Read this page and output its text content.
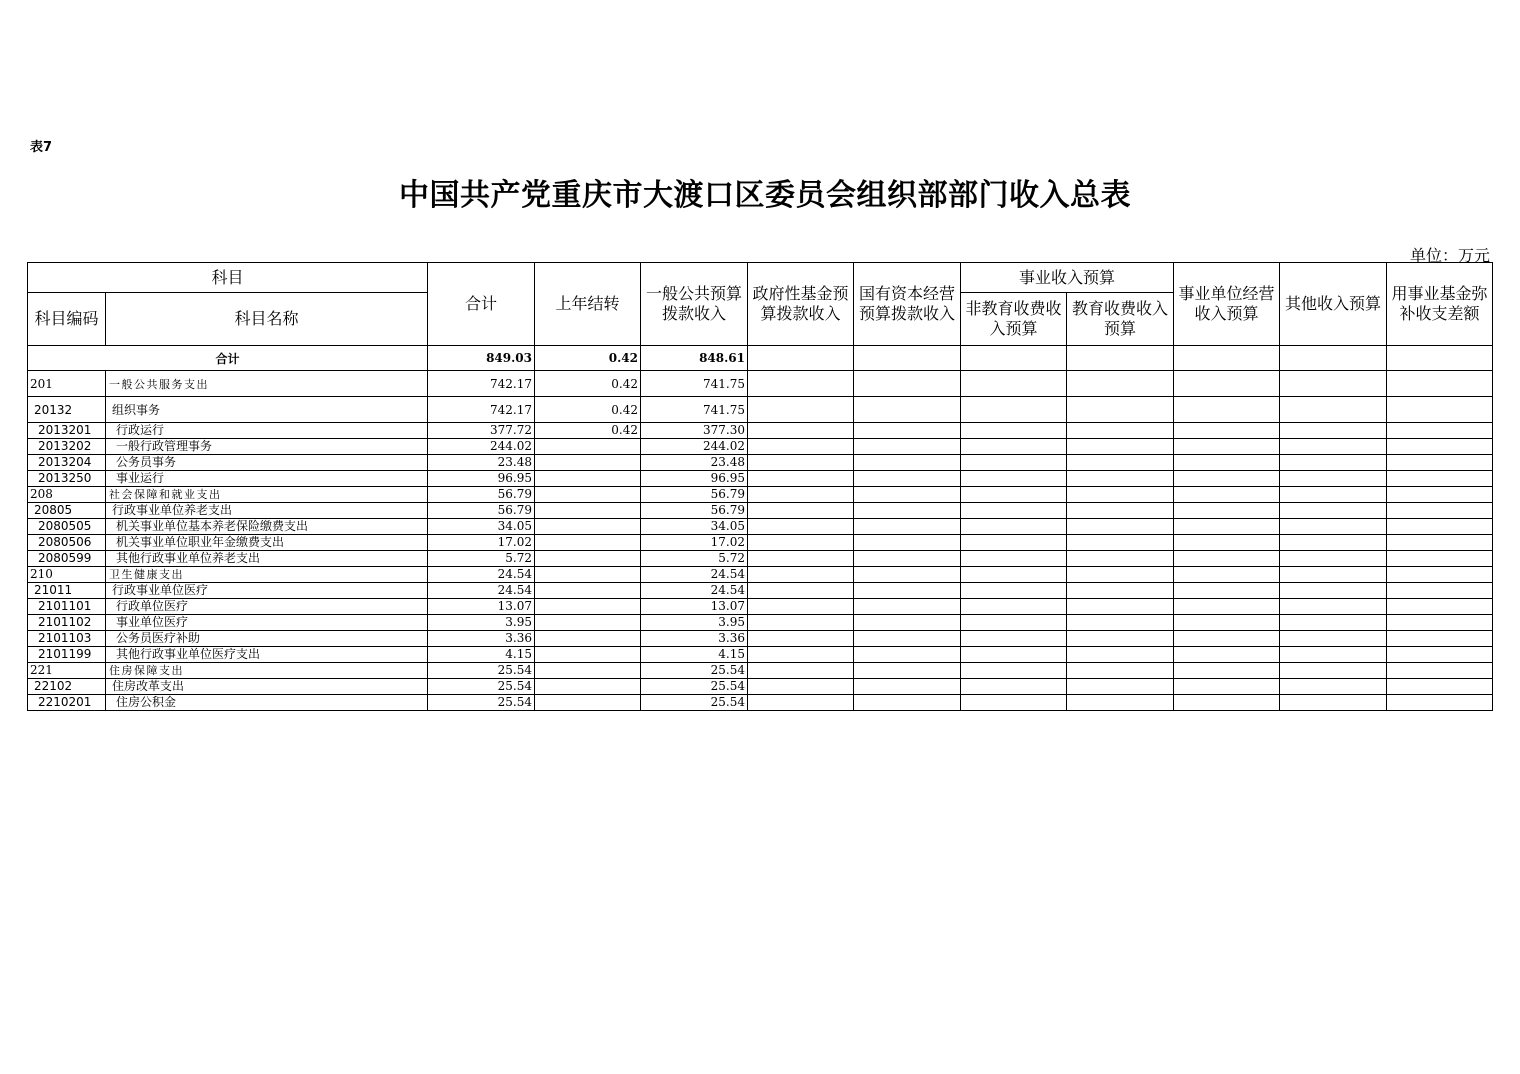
表7
中国共产党重庆市大渡口区委员会组织部部门收入总表
单位：万元
科目		合计	上年结转	一般公共预算拨款收入	政府性基金预算拨款收入	国有资本经营预算拨款收入	事业收入预算		事业单位经营收入预算	其他收入预算	用事业基金弥补收支差额
科目编码	科目名称						非教育收费收入预算	教育收费收入预算			
合计		849.03	0.42	848.61							
201	一般公共服务支出	742.17	0.42	741.75							
20132	组织事务	742.17	0.42	741.75							
2013201	行政运行	377.72	0.42	377.30							
2013202	一般行政管理事务	244.02		244.02							
2013204	公务员事务	23.48		23.48							
2013250	事业运行	96.95		96.95							
208	社会保障和就业支出	56.79		56.79							
20805	行政事业单位养老支出	56.79		56.79							
2080505	机关事业单位基本养老保险缴费支出	34.05		34.05							
2080506	机关事业单位职业年金缴费支出	17.02		17.02							
2080599	其他行政事业单位养老支出	5.72		5.72							
210	卫生健康支出	24.54		24.54							
21011	行政事业单位医疗	24.54		24.54							
2101101	行政单位医疗	13.07		13.07							
2101102	事业单位医疗	3.95		3.95							
2101103	公务员医疗补助	3.36		3.36							
2101199	其他行政事业单位医疗支出	4.15		4.15							
221	住房保障支出	25.54		25.54							
22102	住房改革支出	25.54		25.54							
2210201	住房公积金	25.54		25.54							
